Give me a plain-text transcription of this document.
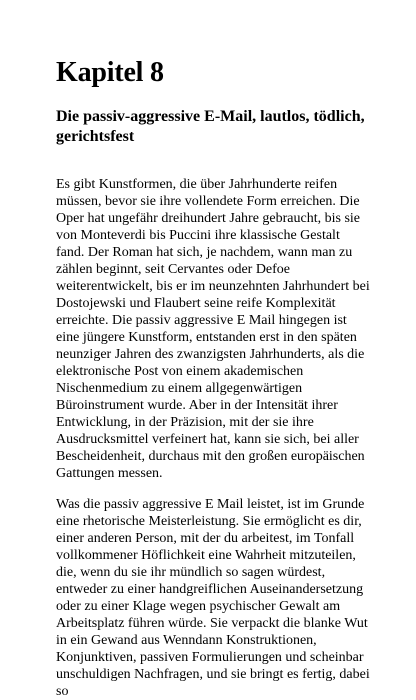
Kapitel 8
Die passiv-aggressive E-Mail, lautlos, tödlich, gerichtsfest

Es gibt Kunstformen, die über Jahrhunderte reifen müssen, bevor sie ihre vollendete Form erreichen. Die Oper hat ungefähr dreihundert Jahre gebraucht, bis sie von Monteverdi bis Puccini ihre klassische Gestalt fand. Der Roman hat sich, je nachdem, wann man zu zählen beginnt, seit Cervantes oder Defoe weiterentwickelt, bis er im neunzehnten Jahrhundert bei Dostojewski und Flaubert seine reife Komplexität erreichte. Die passiv aggressive E Mail hingegen ist eine jüngere Kunstform, entstanden erst in den späten neunziger Jahren des zwanzigsten Jahrhunderts, als die elektronische Post von einem akademischen Nischenmedium zu einem allgegenwärtigen Büroinstrument wurde. Aber in der Intensität ihrer Entwicklung, in der Präzision, mit der sie ihre Ausdrucksmittel verfeinert hat, kann sie sich, bei aller Bescheidenheit, durchaus mit den großen europäischen Gattungen messen.

Was die passiv aggressive E Mail leistet, ist im Grunde eine rhetorische Meisterleistung. Sie ermöglicht es dir, einer anderen Person, mit der du arbeitest, im Tonfall vollkommener Höflichkeit eine Wahrheit mitzuteilen, die, wenn du sie ihr mündlich so sagen würdest, entweder zu einer handgreiflichen Auseinandersetzung oder zu einer Klage wegen psychischer Gewalt am Arbeitsplatz führen würde. Sie verpackt die blanke Wut in ein Gewand aus Wenndann Konstruktionen, Konjunktiven, passiven Formulierungen und scheinbar unschuldigen Nachfragen, und sie bringt es fertig, dabei so
